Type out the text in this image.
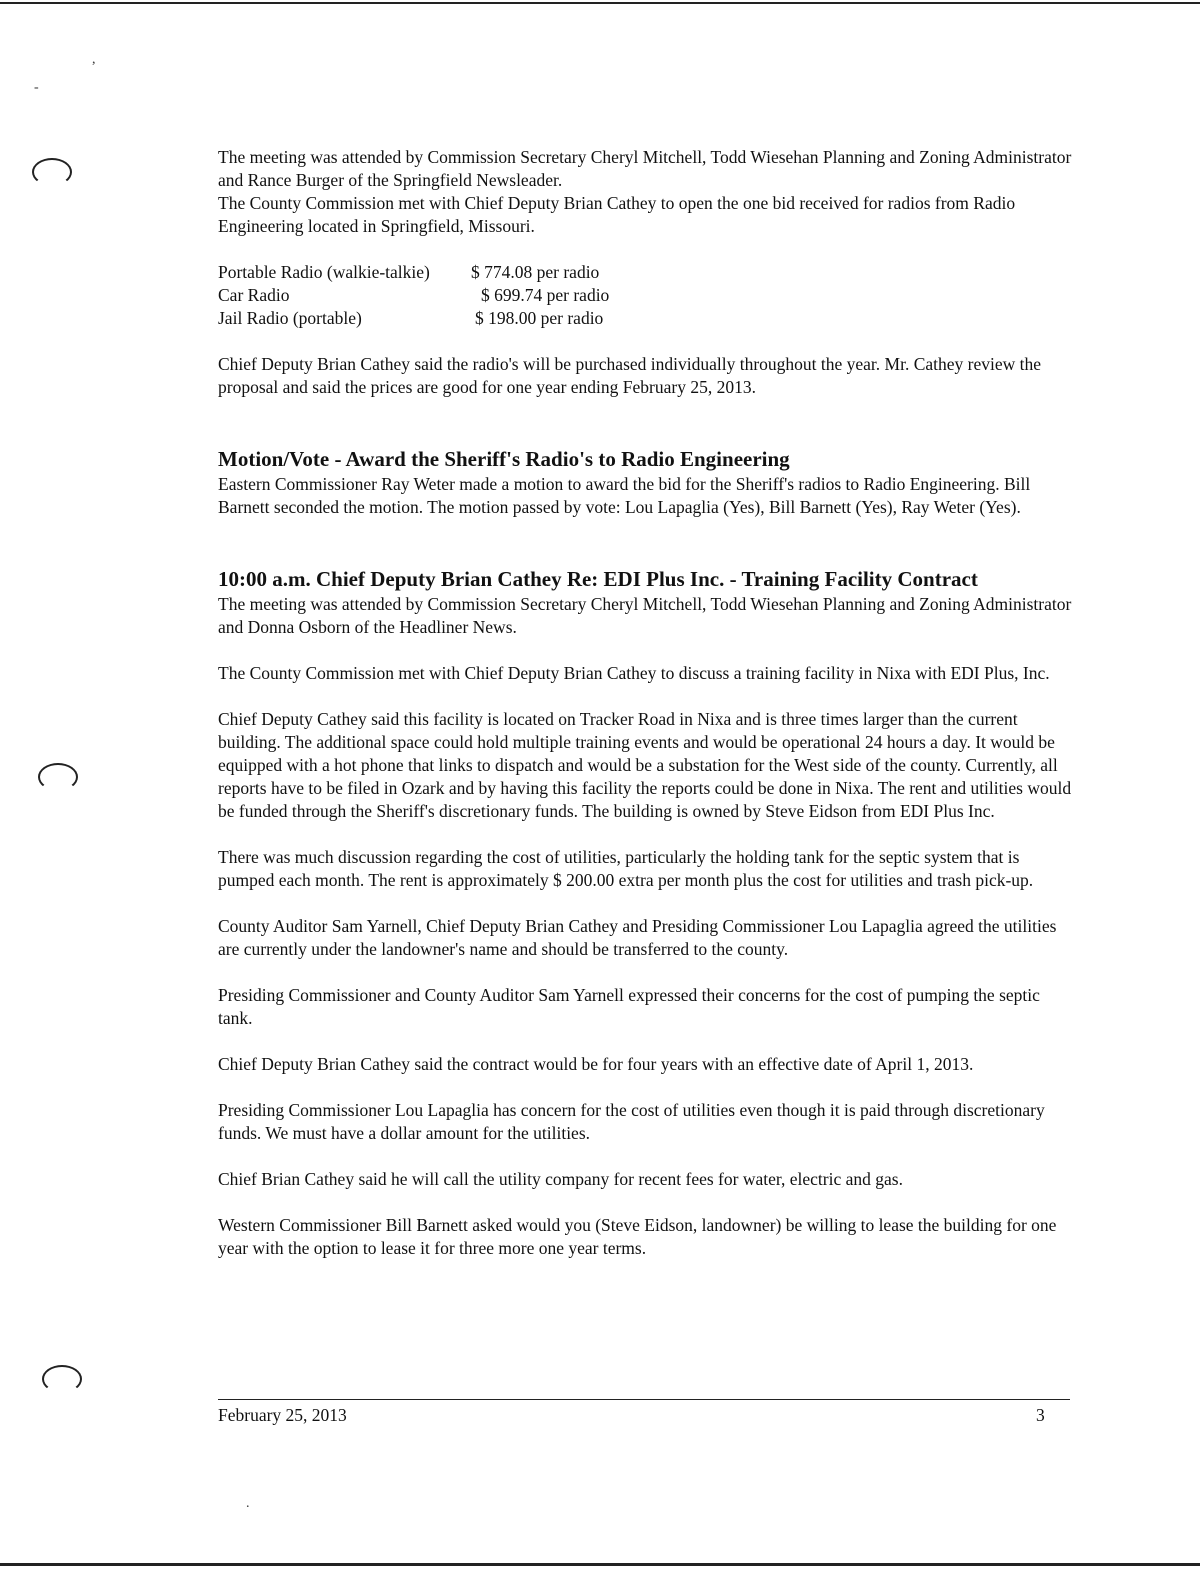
,
-

The meeting was attended by Commission Secretary Cheryl Mitchell, Todd Wiesehan Planning and Zoning Administrator and Rance Burger of the Springfield Newsleader.

The County Commission met with Chief Deputy Brian Cathey to open the one bid received for radios from Radio Engineering located in Springfield, Missouri.

Portable Radio (walkie-talkie)	$ 774.08 per radio
Car Radio	$ 699.74 per radio
Jail Radio (portable)	$ 198.00 per radio

Chief Deputy Brian Cathey said the radio's will be purchased individually throughout the year. Mr. Cathey review the proposal and said the prices are good for one year ending February 25, 2013.

Motion/Vote - Award the Sheriff's Radio's to Radio Engineering

Eastern Commissioner Ray Weter made a motion to award the bid for the Sheriff's radios to Radio Engineering. Bill Barnett seconded the motion. The motion passed by vote: Lou Lapaglia (Yes), Bill Barnett (Yes), Ray Weter (Yes).

10:00 a.m. Chief Deputy Brian Cathey Re: EDI Plus Inc. - Training Facility Contract

The meeting was attended by Commission Secretary Cheryl Mitchell, Todd Wiesehan Planning and Zoning Administrator and Donna Osborn of the Headliner News.

The County Commission met with Chief Deputy Brian Cathey to discuss a training facility in Nixa with EDI Plus, Inc.

Chief Deputy Cathey said this facility is located on Tracker Road in Nixa and is three times larger than the current building. The additional space could hold multiple training events and would be operational 24 hours a day. It would be equipped with a hot phone that links to dispatch and would be a substation for the West side of the county. Currently, all reports have to be filed in Ozark and by having this facility the reports could be done in Nixa. The rent and utilities would be funded through the Sheriff's discretionary funds. The building is owned by Steve Eidson from EDI Plus Inc.

There was much discussion regarding the cost of utilities, particularly the holding tank for the septic system that is pumped each month. The rent is approximately $ 200.00 extra per month plus the cost for utilities and trash pick-up.

County Auditor Sam Yarnell, Chief Deputy Brian Cathey and Presiding Commissioner Lou Lapaglia agreed the utilities are currently under the landowner's name and should be transferred to the county.

Presiding Commissioner and County Auditor Sam Yarnell expressed their concerns for the cost of pumping the septic tank.

Chief Deputy Brian Cathey said the contract would be for four years with an effective date of April 1, 2013.

Presiding Commissioner Lou Lapaglia has concern for the cost of utilities even though it is paid through discretionary funds. We must have a dollar amount for the utilities.

Chief Brian Cathey said he will call the utility company for recent fees for water, electric and gas.

Western Commissioner Bill Barnett asked would you (Steve Eidson, landowner) be willing to lease the building for one year with the option to lease it for three more one year terms.

February 25, 2013	3
.
